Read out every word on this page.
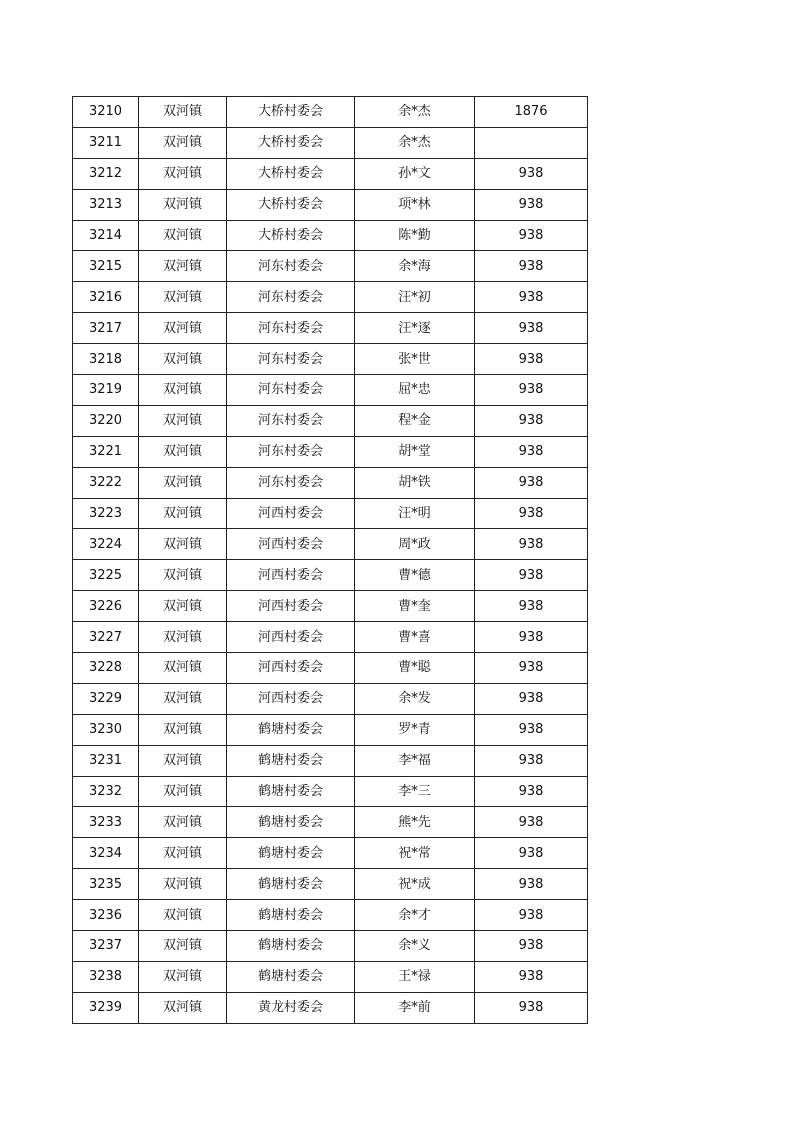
3210	双河镇	大桥村委会	余*杰	1876
3211	双河镇	大桥村委会	余*杰	
3212	双河镇	大桥村委会	孙*文	938
3213	双河镇	大桥村委会	项*林	938
3214	双河镇	大桥村委会	陈*勤	938
3215	双河镇	河东村委会	余*海	938
3216	双河镇	河东村委会	汪*初	938
3217	双河镇	河东村委会	汪*逐	938
3218	双河镇	河东村委会	张*世	938
3219	双河镇	河东村委会	屈*忠	938
3220	双河镇	河东村委会	程*金	938
3221	双河镇	河东村委会	胡*堂	938
3222	双河镇	河东村委会	胡*铁	938
3223	双河镇	河西村委会	汪*明	938
3224	双河镇	河西村委会	周*政	938
3225	双河镇	河西村委会	曹*德	938
3226	双河镇	河西村委会	曹*奎	938
3227	双河镇	河西村委会	曹*喜	938
3228	双河镇	河西村委会	曹*聪	938
3229	双河镇	河西村委会	余*发	938
3230	双河镇	鹤塘村委会	罗*青	938
3231	双河镇	鹤塘村委会	李*福	938
3232	双河镇	鹤塘村委会	李*三	938
3233	双河镇	鹤塘村委会	熊*先	938
3234	双河镇	鹤塘村委会	祝*常	938
3235	双河镇	鹤塘村委会	祝*成	938
3236	双河镇	鹤塘村委会	余*才	938
3237	双河镇	鹤塘村委会	余*义	938
3238	双河镇	鹤塘村委会	王*禄	938
3239	双河镇	黄龙村委会	李*前	938
